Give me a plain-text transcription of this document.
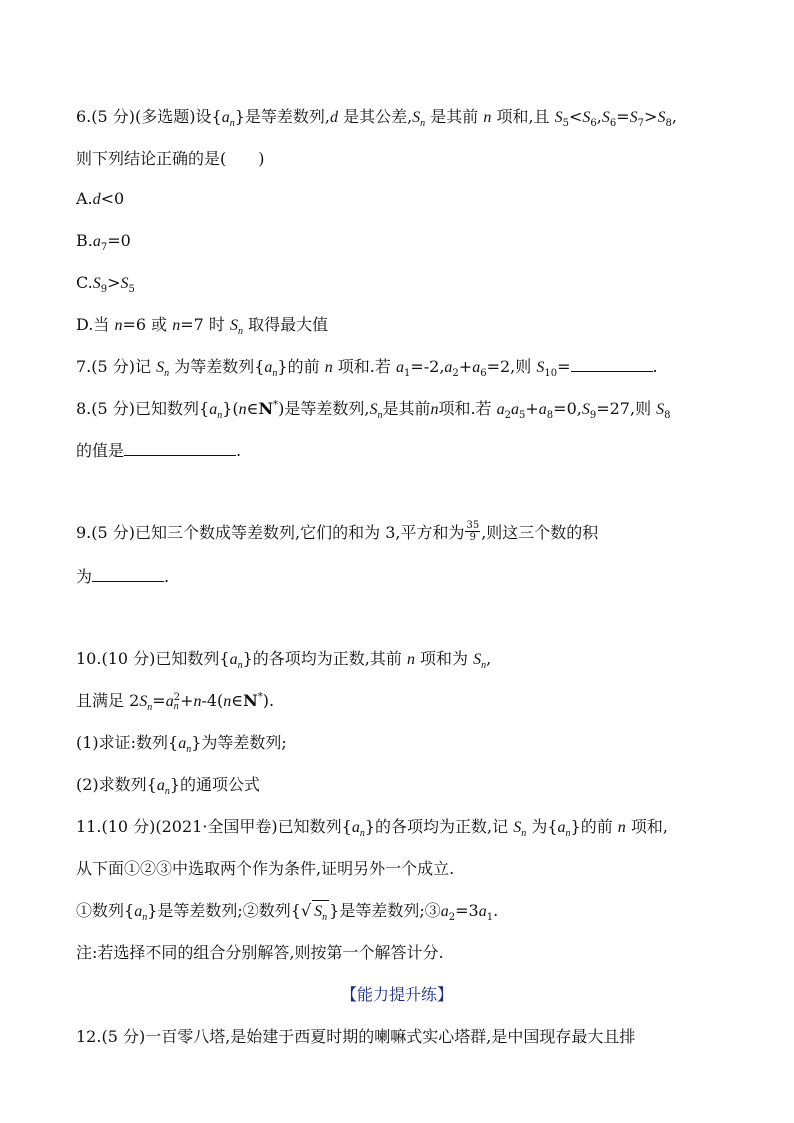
6.(5 分)(多选题)设$\{a_n\}$是等差数列,d 是其公差$,S_n$ 是其前 n 项和,且 $S_5<S_6,S_6=S_7>S_8$,
则下列结论正确的是(　　)
A.d<0
$B.a_7=0$
$C.S_9>S_5$
D.当 n=6 或 n=7 时 $S_n$ 取得最大值
7.(5 分)记 $S_n$ 为等差数列$\{a_n\}$的前 n 项和.若 $a_1=-2,a_2+a_6=2$,则 $S_{10}=$	.
8.(5 分)已知数列$\{a_n\}(n\in N^*)$是等差数列$,S_n$是其前n项和.若 $a_2a_5+a_8=0,S_9=27$,则 $S_8$
的值是	.
9.(5 分)已知三个数成等差数列,它们的和为 3,平方和为 $\frac{35}{9}$ ,则这三个数的积
为	.
10.(10 分)已知数列$\{a_n\}$的各项均为正数,其前 n 项和为 $S_n$,
且满足 $2S_n=a$ 2
n +n-4(n∈N*).
(1)求证:数列$\{a_n\}$为等差数列;
(2)求数列$\{a_n\}$的通项公式
11.(10 分)(2021·全国甲卷)已知数列$\{a_n\}$的各项均为正数,记 $S_n$ 为$\{a_n\}$的前 n 项和,
从下面①②③中选取两个作为条件,证明另外一个成立.
①数列$\{a_n\}$是等差数列;②数列{√ $S_n$ }是等差数列$;③a_2=3a_1$.
注:若选择不同的组合分别解答,则按第一个解答计分.
【能力提升练】
12.(5 分)一百零八塔,是始建于西夏时期的喇嘛式实心塔群,是中国现存最大且排
